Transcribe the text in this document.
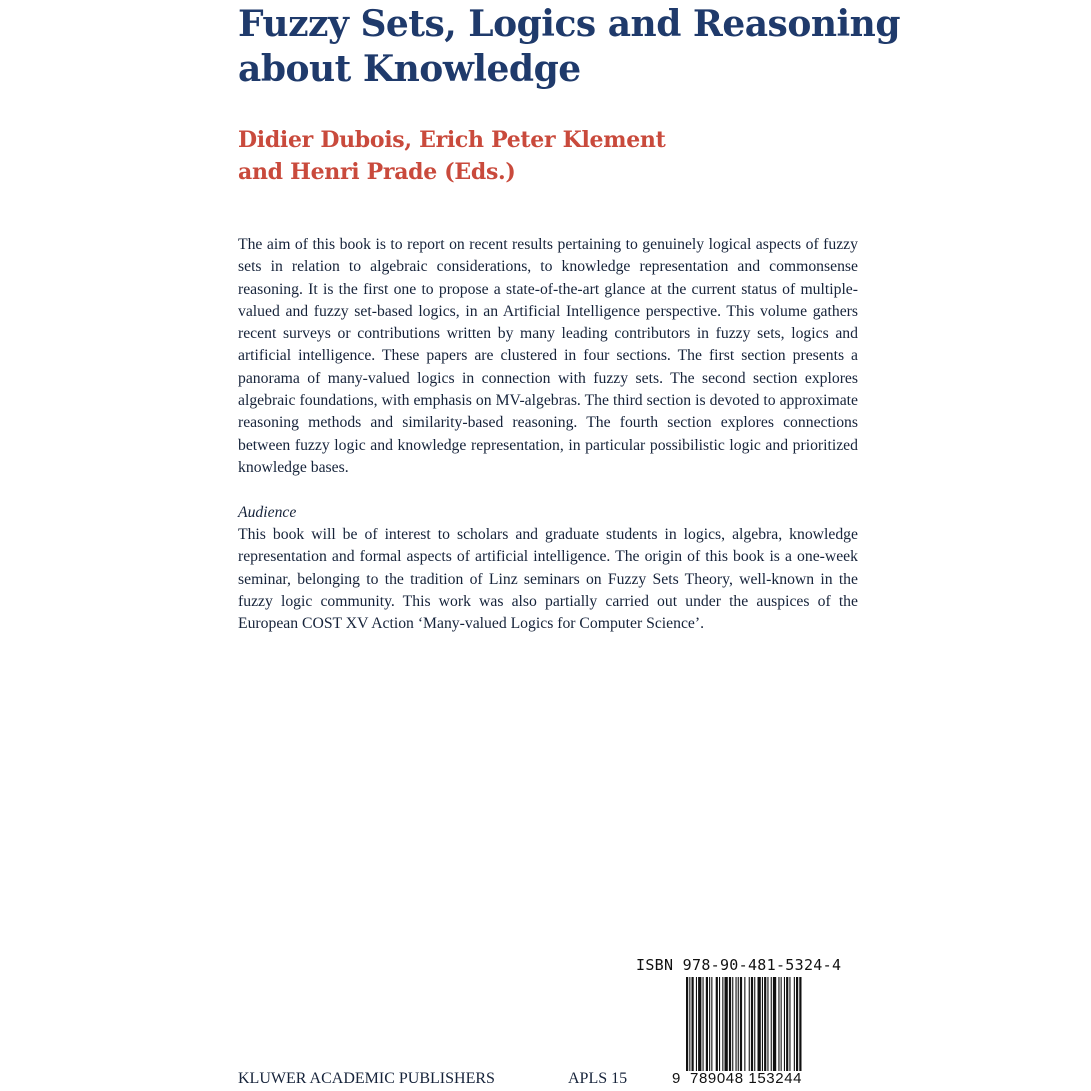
Fuzzy Sets, Logics and Reasoning
about Knowledge
Didier Dubois, Erich Peter Klement
and Henri Prade (Eds.)

The aim of this book is to report on recent results pertaining to genuinely logical aspects of fuzzy sets in relation to algebraic considerations, to knowledge representation and commonsense reasoning. It is the first one to propose a state-of-the-art glance at the current status of multiple-valued and fuzzy set-based logics, in an Artificial Intelligence perspective. This volume gathers recent surveys or contributions written by many leading contributors in fuzzy sets, logics and artificial intelligence. These papers are clustered in four sections. The first section presents a panorama of many-valued logics in connection with fuzzy sets. The second section explores algebraic foundations, with emphasis on MV-algebras. The third section is devoted to approximate reasoning methods and similarity-based reasoning. The fourth section explores connections between fuzzy logic and knowledge representation, in particular possibilistic logic and prioritized knowledge bases.

Audience

This book will be of interest to scholars and graduate students in logics, algebra, knowledge representation and formal aspects of artificial intelligence. The origin of this book is a one-week seminar, belonging to the tradition of Linz seminars on Fuzzy Sets Theory, well-known in the fuzzy logic community. This work was also partially carried out under the auspices of the European COST XV Action ‘Many-valued Logics for Computer Science’.

ISBN 978-90-481-5324-4
9 789048 153244
KLUWER ACADEMIC PUBLISHERS	APLS 15
